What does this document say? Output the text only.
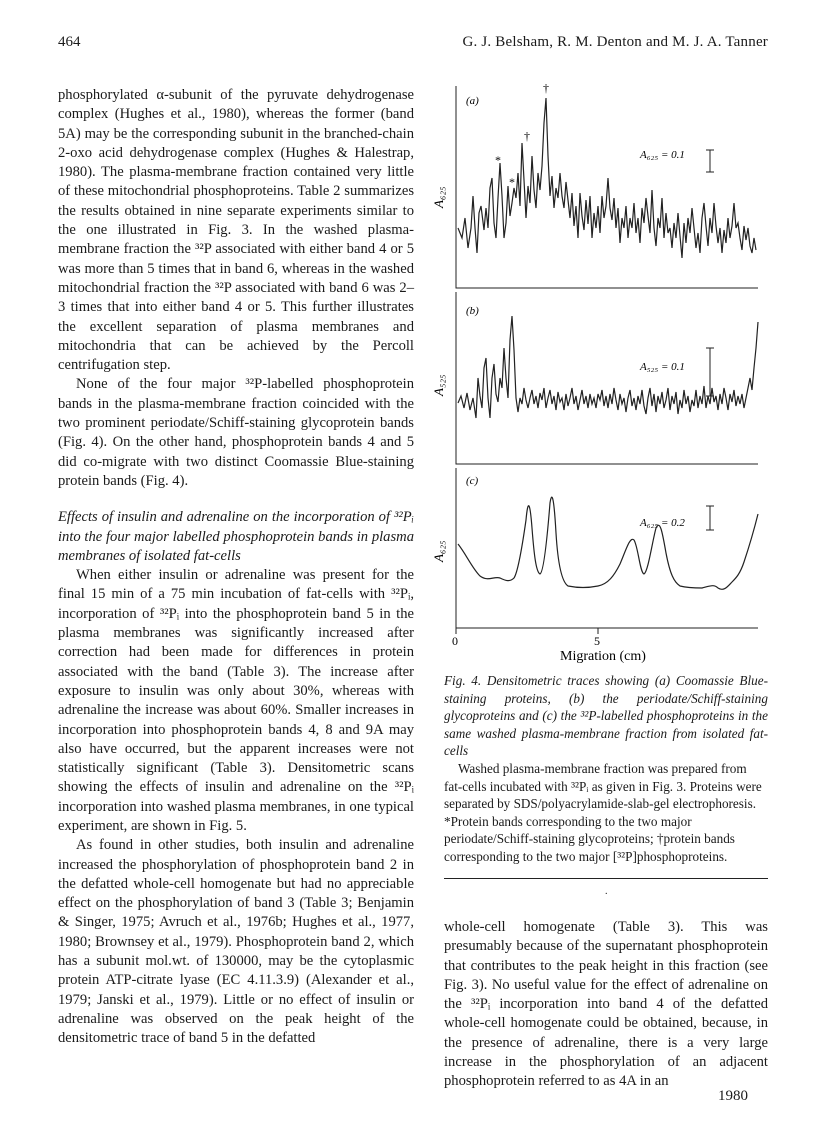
464	G. J. Belsham, R. M. Denton and M. J. A. Tanner

phosphorylated α-subunit of the pyruvate dehydrogenase complex (Hughes et al., 1980), whereas the former (band 5A) may be the corresponding subunit in the branched-chain 2-oxo acid dehydrogenase complex (Hughes & Halestrap, 1980). The plasma-membrane fraction contained very little of these mitochondrial phosphoproteins. Table 2 summarizes the results obtained in nine separate experiments similar to the one illustrated in Fig. 3. In the washed plasma-membrane fraction the ³²P associated with either band 4 or 5 was more than 5 times that in band 6, whereas in the washed mitochondrial fraction the ³²P associated with band 6 was 2–3 times that into either band 4 or 5. This further illustrates the excellent separation of plasma membranes and mitochondria that can be achieved by the Percoll centrifugation step.

None of the four major ³²P-labelled phosphoprotein bands in the plasma-membrane fraction coincided with the two prominent periodate/Schiff-staining glycoprotein bands (Fig. 4). On the other hand, phosphoprotein bands 4 and 5 did co-migrate with two distinct Coomassie Blue-staining protein bands (Fig. 4).

Effects of insulin and adrenaline on the incorporation of ³²Pᵢ into the four major labelled phosphoprotein bands in plasma membranes of isolated fat-cells

When either insulin or adrenaline was present for the final 15 min of a 75 min incubation of fat-cells with ³²Pᵢ, incorporation of ³²Pᵢ into the phosphoprotein band 5 in the plasma membranes was significantly increased after correction had been made for differences in protein associated with the band (Table 3). The increase after exposure to insulin was only about 30%, whereas with adrenaline the increase was about 60%. Smaller increases in incorporation into phosphoprotein bands 4, 8 and 9A may also have occurred, but the apparent increases were not statistically significant (Table 3). Densitometric scans showing the effects of insulin and adrenaline on the ³²Pᵢ incorporation into washed plasma membranes, in one typical experiment, are shown in Fig. 5.

As found in other studies, both insulin and adrenaline increased the phosphorylation of phosphoprotein band 2 in the defatted whole-cell homogenate but had no appreciable effect on the phosphorylation of band 3 (Table 3; Benjamin & Singer, 1975; Avruch et al., 1976b; Hughes et al., 1977, 1980; Brownsey et al., 1979). Phosphoprotein band 2, which has a subunit mol.wt. of 130000, may be the cytoplasmic protein ATP-citrate lyase (EC 4.11.3.9) (Alexander et al., 1979; Janski et al., 1979). Little or no effect of insulin or adrenaline was observed on the peak height of the densitometric trace of band 5 in the defatted

(a)
A₆₂₅
A₆₂₅ = 0.1
*
*
†
†
(b)
A₅₂₅
A₅₂₅ = 0.1
(c)
A₆₂₅
A₆₂₅ = 0.2
0	5
Migration (cm)
Fig. 4. Densitometric traces showing (a) Coomassie Blue-staining proteins, (b) the periodate/Schiff-staining glycoproteins and (c) the ³²P-labelled phosphoproteins in the same washed plasma-membrane fraction from isolated fat-cells
Washed plasma-membrane fraction was prepared from fat-cells incubated with ³²Pᵢ as given in Fig. 3. Proteins were separated by SDS/polyacrylamide-slab-gel electrophoresis. *Protein bands corresponding to the two major periodate/Schiff-staining glycoproteins; †protein bands corresponding to the two major [³²P]phosphoproteins.
.

whole-cell homogenate (Table 3). This was presumably because of the supernatant phosphoprotein that contributes to the peak height in this fraction (see Fig. 3). No useful value for the effect of adrenaline on the ³²Pᵢ incorporation into band 4 of the defatted whole-cell homogenate could be obtained, because, in the presence of adrenaline, there is a very large increase in the phosphorylation of an adjacent phosphoprotein referred to as 4A in an

1980
